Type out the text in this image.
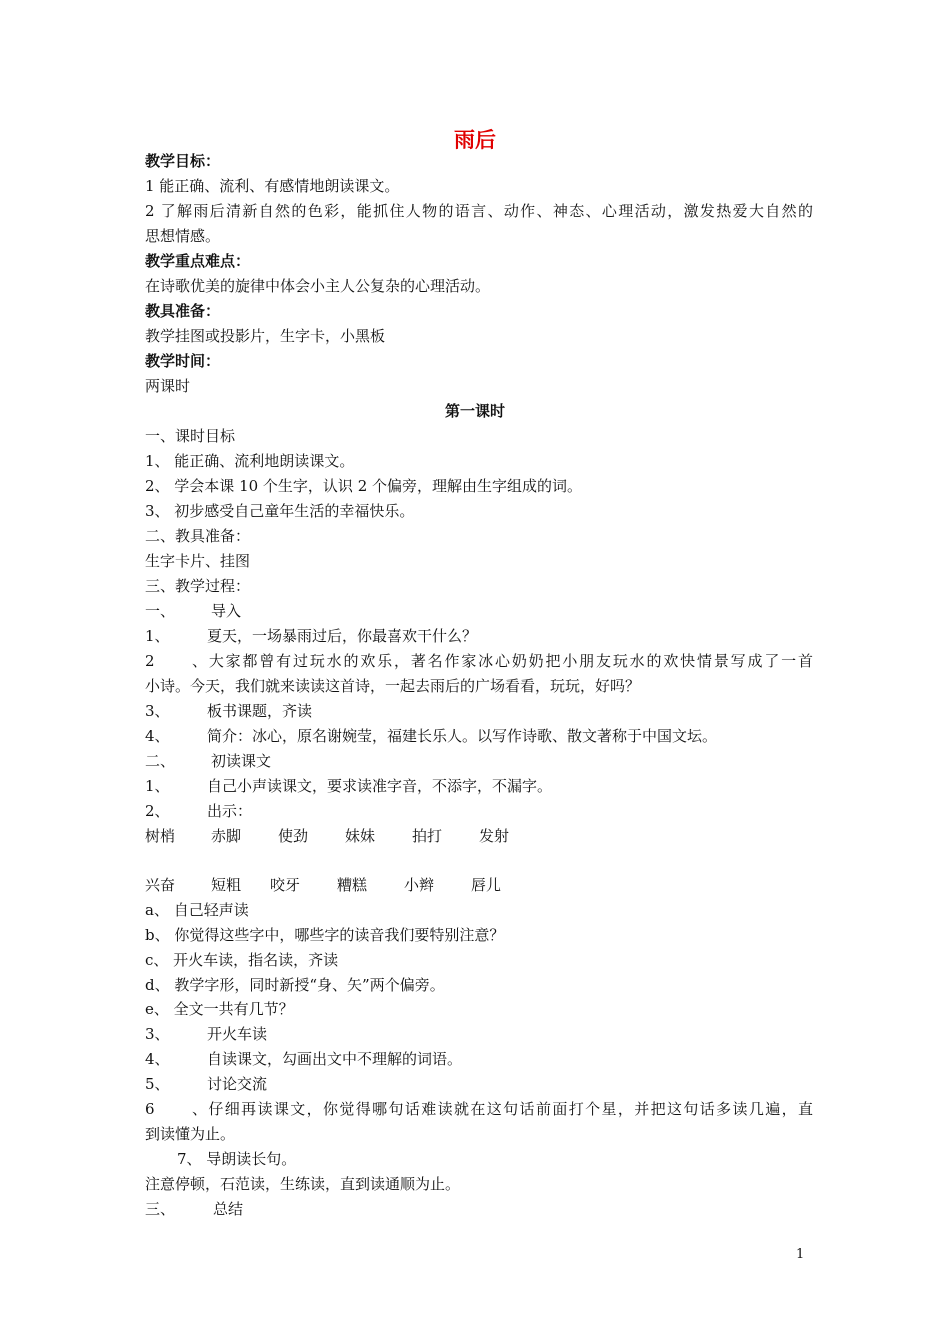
雨后
教学目标：
1 能正确、流利、有感情地朗读课文。
2 了解雨后清新自然的色彩，能抓住人物的语言、动作、神态、心理活动，激发热爱大自然的
思想情感。
教学重点难点：
在诗歌优美的旋律中体会小主人公复杂的心理活动。
教具准备：
教学挂图或投影片，生字卡，小黑板
教学时间：
两课时
第一课时
一、课时目标
1、 能正确、流利地朗读课文。
2、 学会本课 10 个生字，认识 2 个偏旁，理解由生字组成的词。
3、 初步感受自己童年生活的幸福快乐。
二、教具准备：
生字卡片、挂图
三、教学过程：
一、 导入
1、 夏天，一场暴雨过后，你最喜欢干什么？
2、大家都曾有过玩水的欢乐，著名作家冰心奶奶把小朋友玩水的欢快情景写成了一首
小诗。今天，我们就来读读这首诗，一起去雨后的广场看看，玩玩，好吗？
3、 板书课题，齐读
4、 简介：冰心，原名谢婉莹，福建长乐人。以写作诗歌、散文著称于中国文坛。
二、 初读课文
1、 自己小声读课文，要求读准字音，不添字，不漏字。
2、 出示：
树梢 赤脚 使劲 妹妹 拍打 发射
兴奋 短粗 咬牙 糟糕 小辫 唇儿
a、 自己轻声读
b、 你觉得这些字中，哪些字的读音我们要特别注意？
c、 开火车读，指名读，齐读
d、 教学字形，同时新授“身、矢”两个偏旁。
e、 全文一共有几节？
3、 开火车读
4、 自读课文，勾画出文中不理解的词语。
5、 讨论交流
6、仔细再读课文，你觉得哪句话难读就在这句话前面打个星，并把这句话多读几遍，直
到读懂为止。
7、 导朗读长句。
注意停顿，石范读，生练读，直到读通顺为止。
三、	总结
1
